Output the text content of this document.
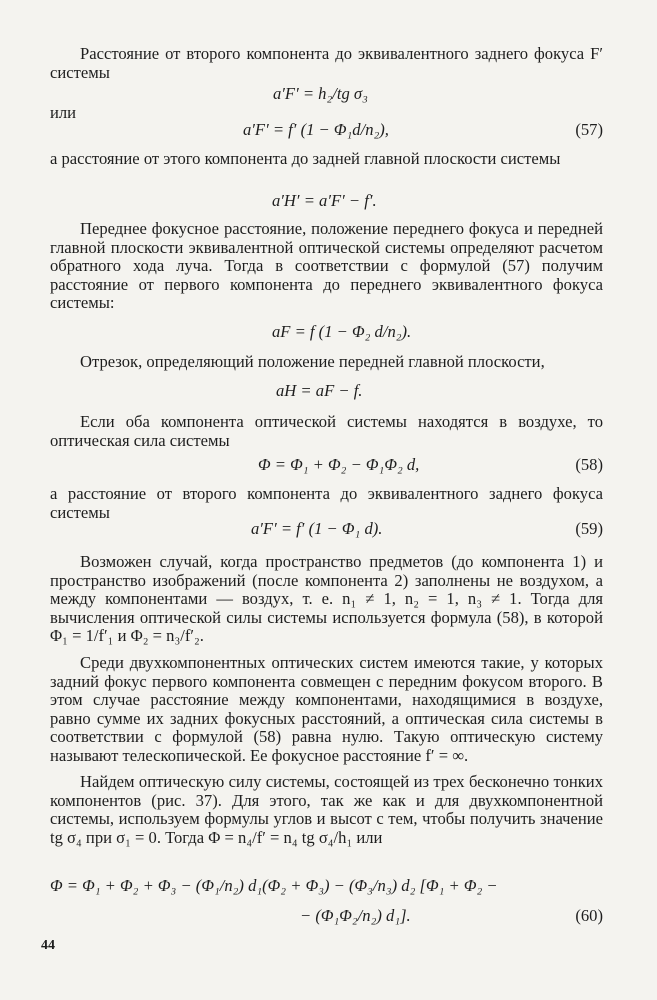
Расстояние от второго компонента до эквивалентного заднего фокуса F′ системы

a′F′ = h₂/tg σ₃

или

a′F′ = f′ (1 − Φ₁d/n₂),	(57)

а расстояние от этого компонента до задней главной плоскости системы

a′H′ = a′F′ − f′.

Переднее фокусное расстояние, положение переднего фокуса и передней главной плоскости эквивалентной оптической системы определяют расчетом обратного хода луча. Тогда в соответствии с формулой (57) получим расстояние от первого компонента до переднего эквивалентного фокуса системы:

aF = f (1 − Φ₂ d/n₂).

Отрезок, определяющий положение передней главной плоскости,

aH = aF − f.

Если оба компонента оптической системы находятся в воздухе, то оптическая сила системы

Φ = Φ₁ + Φ₂ − Φ₁Φ₂ d,	(58)

а расстояние от второго компонента до эквивалентного заднего фокуса системы

a′F′ = f′ (1 − Φ₁ d).	(59)

Возможен случай, когда пространство предметов (до компонента 1) и пространство изображений (после компонента 2) заполнены не воздухом, а между компонентами — воздух, т. е. n₁ ≠ 1, n₂ = 1, n₃ ≠ 1. Тогда для вычисления оптической силы системы используется формула (58), в которой Φ₁ = 1/f′₁ и Φ₂ = n₃/f′₂.

Среди двухкомпонентных оптических систем имеются такие, у которых задний фокус первого компонента совмещен с передним фокусом второго. В этом случае расстояние между компонентами, находящимися в воздухе, равно сумме их задних фокусных расстояний, а оптическая сила системы в соответствии с формулой (58) равна нулю. Такую оптическую систему называют телескопической. Ее фокусное расстояние f′ = ∞.

Найдем оптическую силу системы, состоящей из трех бесконечно тонких компонентов (рис. 37). Для этого, так же как и для двухкомпонентной системы, используем формулы углов и высот с тем, чтобы получить значение tg σ₄ при σ₁ = 0. Тогда Φ = n₄/f′ = n₄ tg σ₄/h₁ или

Φ = Φ₁ + Φ₂ + Φ₃ − (Φ₁/n₂) d₁(Φ₂ + Φ₃) − (Φ₃/n₃) d₂ [Φ₁ + Φ₂ −

− (Φ₁Φ₂/n₂) d₁].	(60)

44
